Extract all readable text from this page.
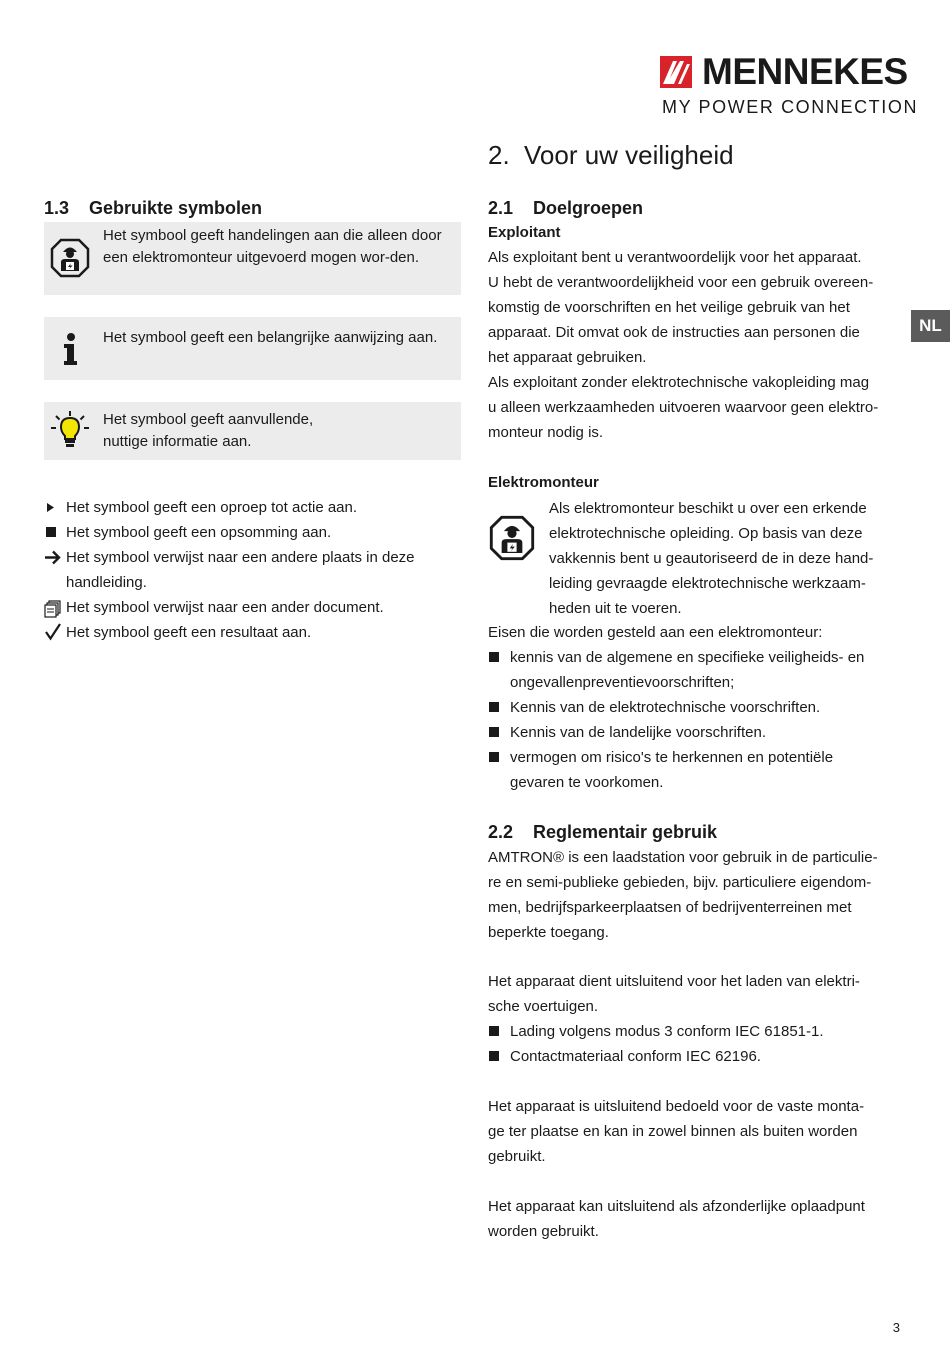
MENNEKES
MY POWER CONNECTION
2. Voor uw veiligheid
1.3 Gebruikte symbolen
Het symbool geeft handelingen aan die alleen door een elektromonteur uitgevoerd mogen wor-den.
Het symbool geeft een belangrijke aanwijzing aan.
Het symbool geeft aanvullende,
nuttige informatie aan.
Het symbool geeft een oproep tot actie aan.
Het symbool geeft een opsomming aan.
Het symbool verwijst naar een andere plaats in deze
handleiding.
Het symbool verwijst naar een ander document.
Het symbool geeft een resultaat aan.
2.1 Doelgroepen
Exploitant
Als exploitant bent u verantwoordelijk voor het apparaat.
U hebt de verantwoordelijkheid voor een gebruik overeen-
komstig de voorschriften en het veilige gebruik van het
apparaat. Dit omvat ook de instructies aan personen die
het apparaat gebruiken.
Als exploitant zonder elektrotechnische vakopleiding mag
u alleen werkzaamheden uitvoeren waarvoor geen elektro-
monteur nodig is.
NL
Elektromonteur
Als elektromonteur beschikt u over een erkende
elektrotechnische opleiding. Op basis van deze
vakkennis bent u geautoriseerd de in deze hand-
leiding gevraagde elektrotechnische werkzaam-
heden uit te voeren.
Eisen die worden gesteld aan een elektromonteur:
kennis van de algemene en specifieke veiligheids- en
ongevallenpreventievoorschriften;
Kennis van de elektrotechnische voorschriften.
Kennis van de landelijke voorschriften.
vermogen om risico's te herkennen en potentiële
gevaren te voorkomen.
2.2 Reglementair gebruik
AMTRON® is een laadstation voor gebruik in de particulie-
re en semi-publieke gebieden, bijv. particuliere eigendom-
men, bedrijfsparkeerplaatsen of bedrijventerreinen met
beperkte toegang.
Het apparaat dient uitsluitend voor het laden van elektri-
sche voertuigen.
Lading volgens modus 3 conform IEC 61851-1.
Contactmateriaal conform IEC 62196.
Het apparaat is uitsluitend bedoeld voor de vaste monta-
ge ter plaatse en kan in zowel binnen als buiten worden
gebruikt.
Het apparaat kan uitsluitend als afzonderlijke oplaadpunt
worden gebruikt.
3
